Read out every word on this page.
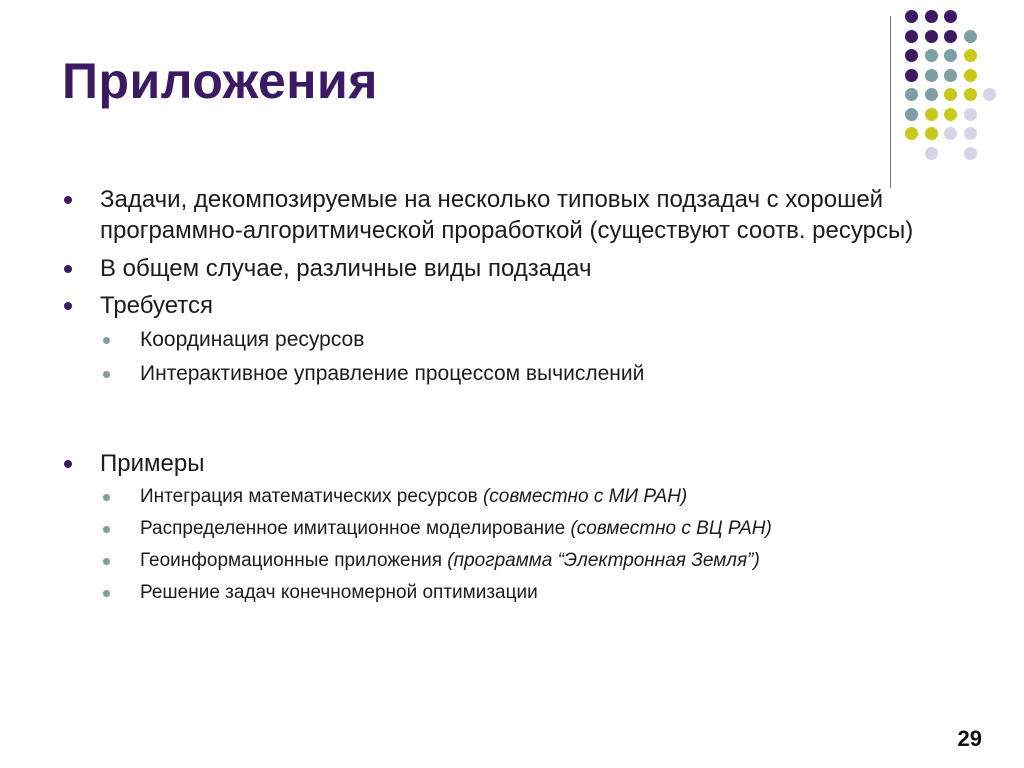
Приложения
Задачи, декомпозируемые на несколько типовых подзадач с хорошей программно-алгоритмической проработкой (существуют соотв. ресурсы)
В общем случае, различные виды подзадач
Требуется
Координация ресурсов
Интерактивное управление процессом вычислений
Примеры
Интеграция математических ресурсов (совместно с МИ РАН)
Распределенное имитационное моделирование (совместно с ВЦ РАН)
Геоинформационные приложения (программа “Электронная Земля”)
Решение задач конечномерной оптимизации
29
